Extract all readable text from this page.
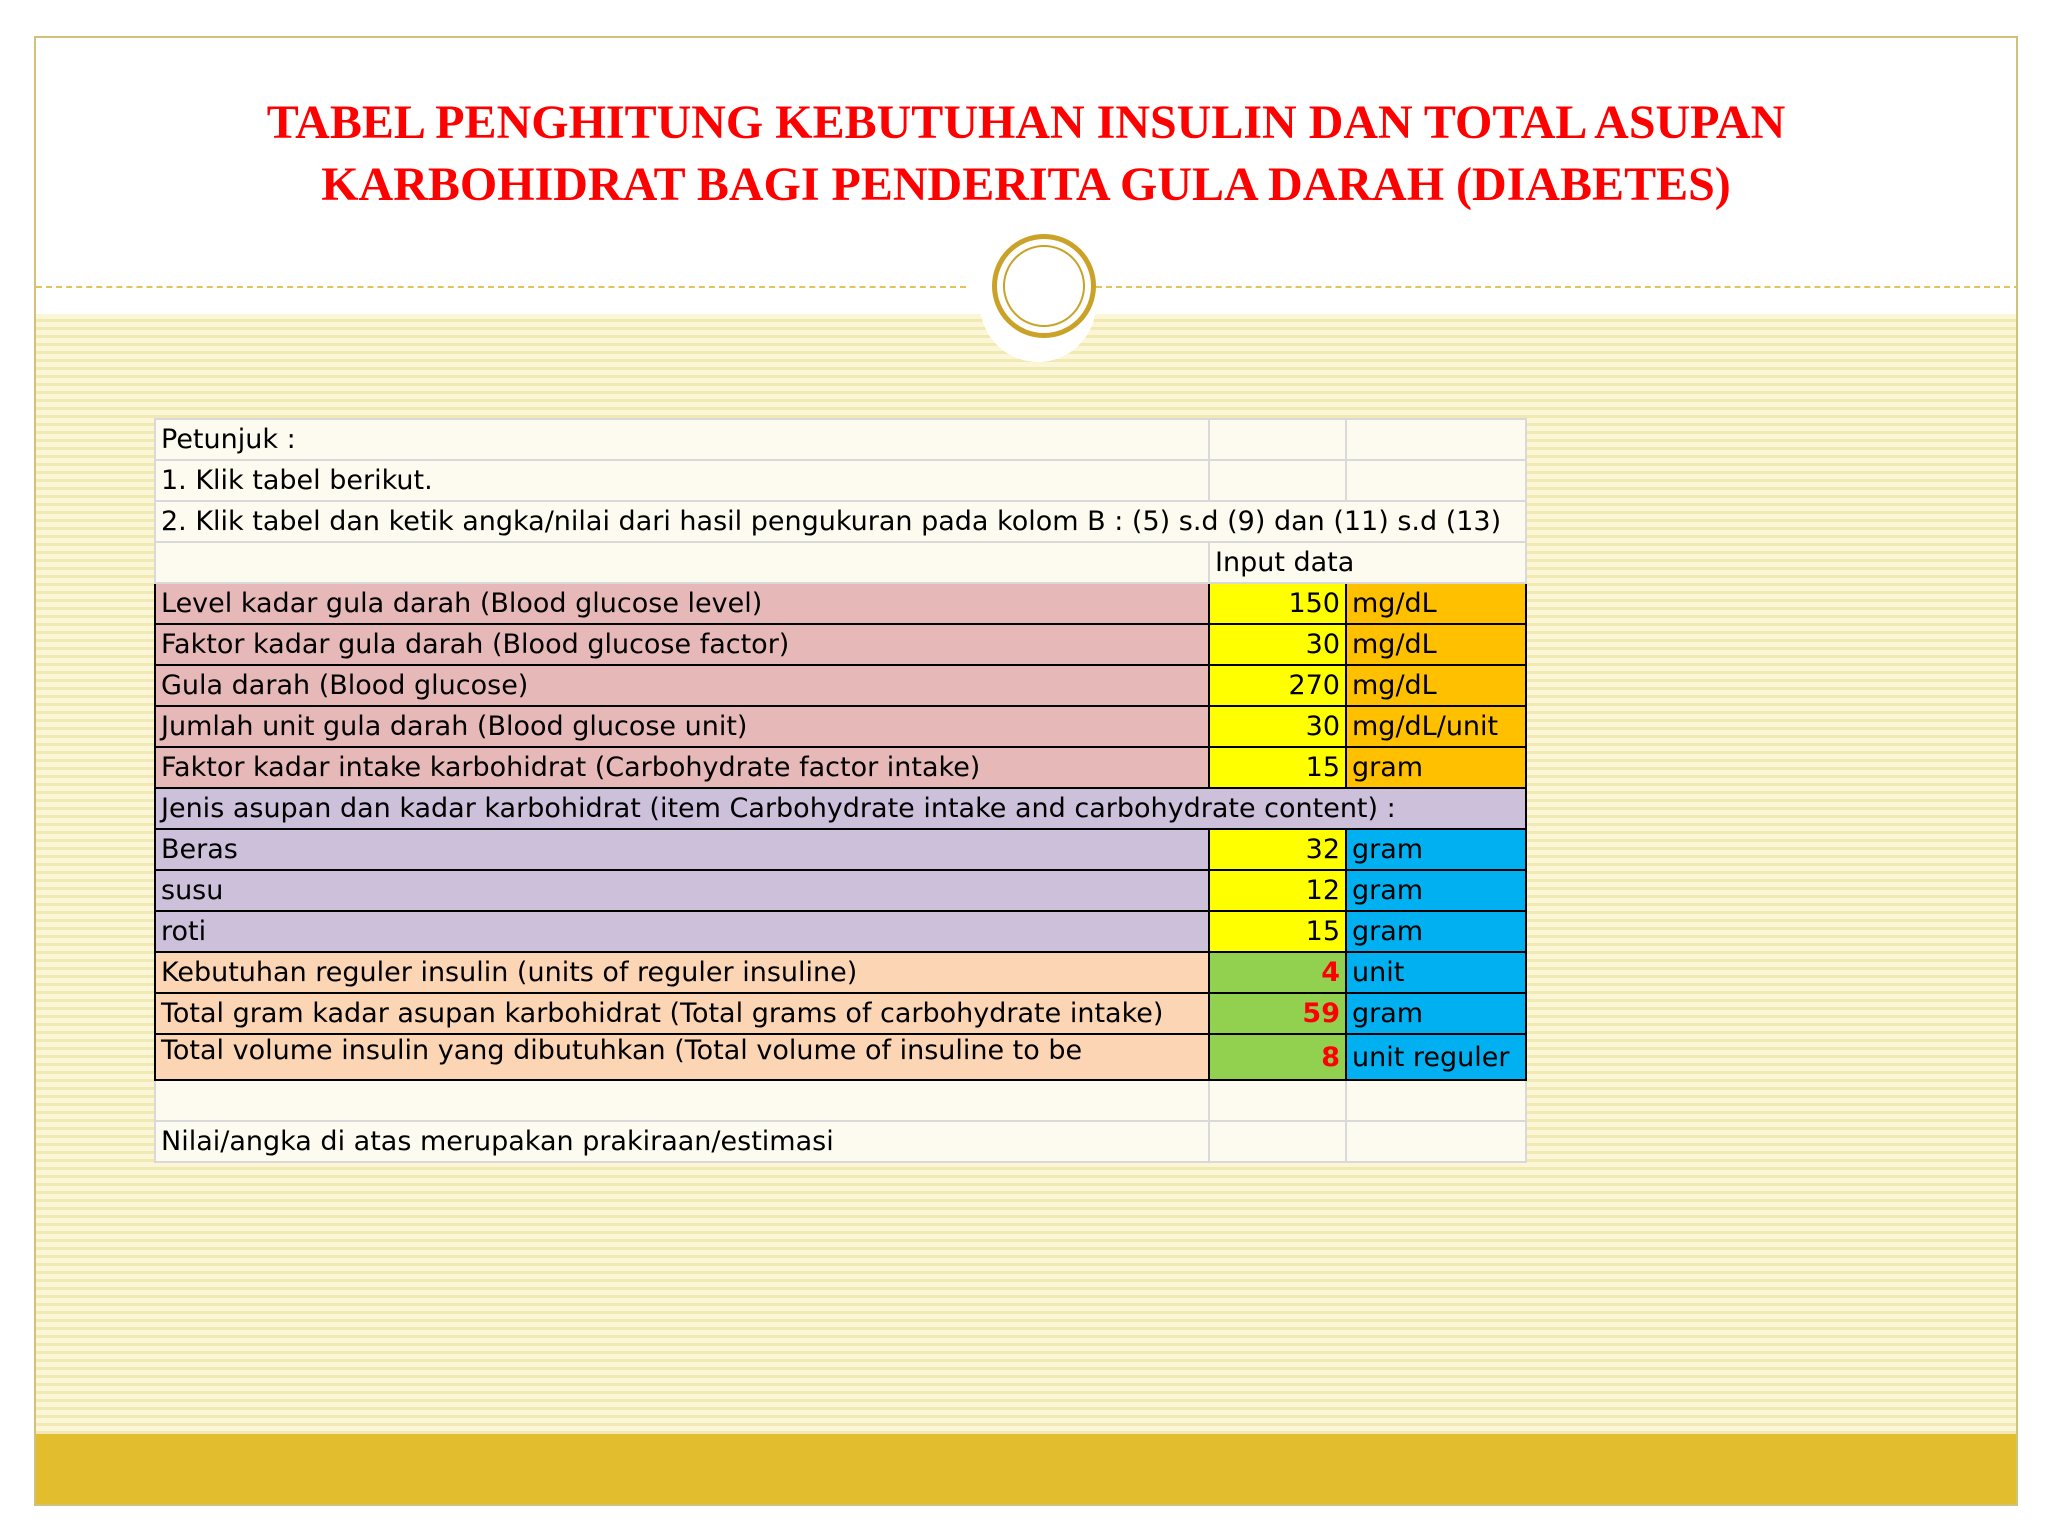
TABEL PENGHITUNG KEBUTUHAN INSULIN DAN TOTAL ASUPAN
KARBOHIDRAT BAGI PENDERITA GULA DARAH (DIABETES)
Petunjuk :		
1. Klik tabel berikut.		
2. Klik tabel dan ketik angka/nilai dari hasil pengukuran pada kolom B : (5) s.d (9) dan (11) s.d (13)		
	Input data	
Level kadar gula darah (Blood glucose level)	150	mg/dL
Faktor kadar gula darah (Blood glucose factor)	30	mg/dL
Gula darah (Blood glucose)	270	mg/dL
Jumlah unit gula darah (Blood glucose unit)	30	mg/dL/unit
Faktor kadar intake karbohidrat (Carbohydrate factor intake)	15	gram
Jenis asupan dan kadar karbohidrat (item Carbohydrate intake and carbohydrate content) :		
Beras	32	gram
susu	12	gram
roti	15	gram
Kebutuhan reguler insulin (units of reguler insuline)	4	unit
Total gram kadar asupan karbohidrat (Total grams of carbohydrate intake)	59	gram
Total volume insulin yang dibutuhkan (Total volume of insuline to be	8	unit reguler

Nilai/angka di atas merupakan prakiraan/estimasi		
